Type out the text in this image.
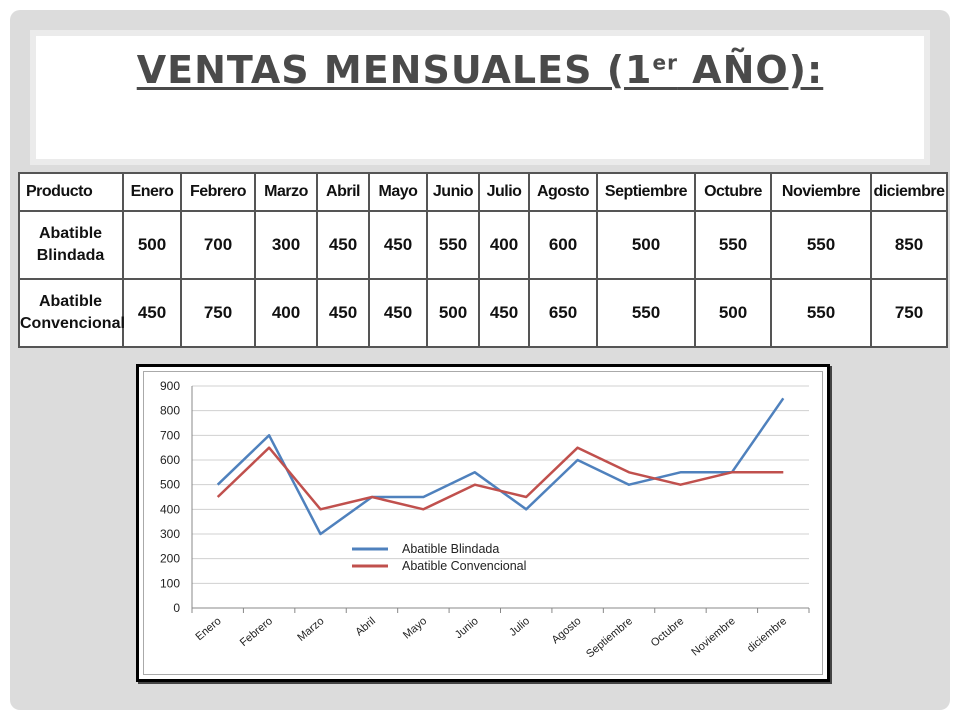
VENTAS MENSUALES (1er AÑO):
Producto	Enero	Febrero	Marzo	Abril	Mayo	Junio	Julio	Agosto	Septiembre	Octubre	Noviembre	diciembre
Abatible
Blindada	500	700	300	450	450	550	400	600	500	550	550	850
Abatible
Convencional	450	750	400	450	450	500	450	650	550	500	550	750
0
100
200
300
400
500
600
700
800
900
Enero Febrero Marzo Abril Mayo Junio Julio Agosto Septiembre Octubre Noviembre diciembre
Abatible Blindada
Abatible Convencional
